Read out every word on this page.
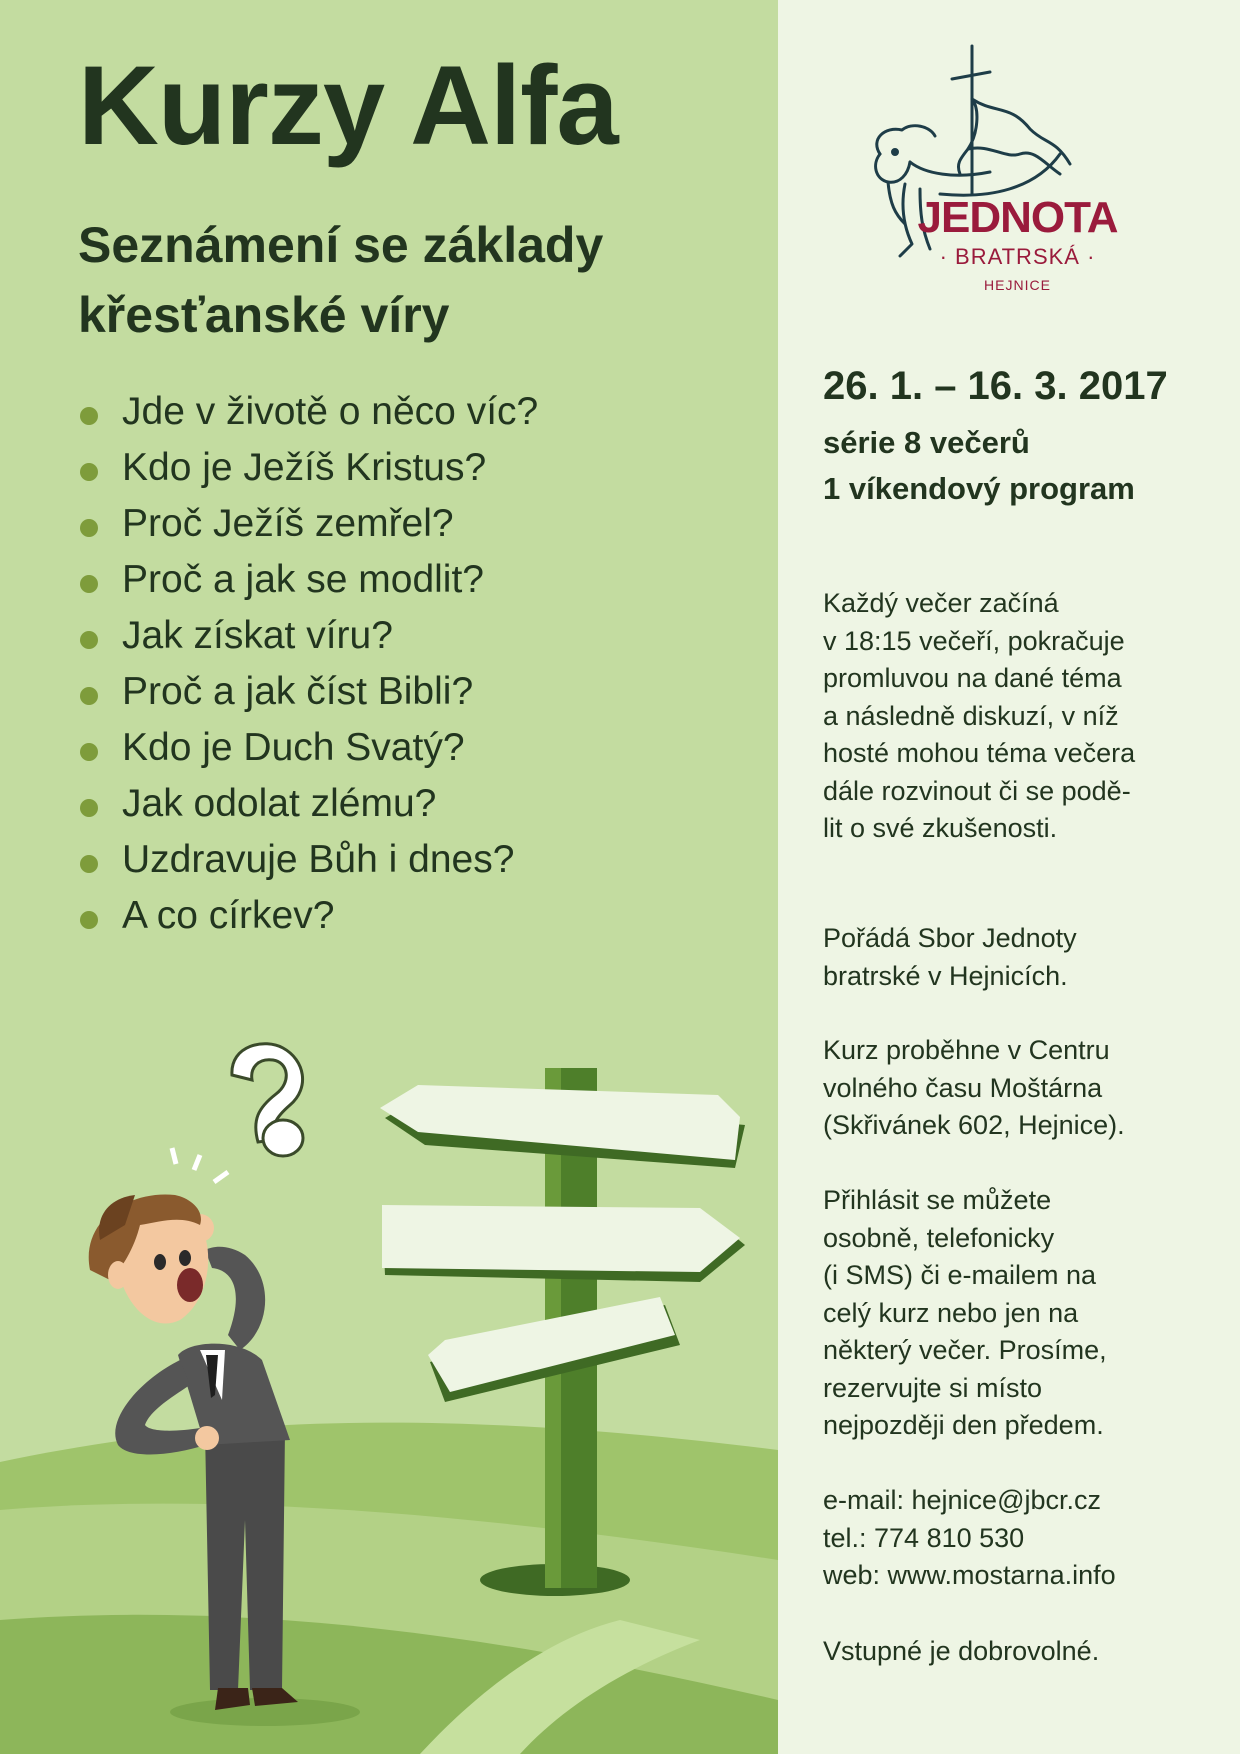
Kurzy Alfa
Seznámení se základy
křesťanské víry
Jde v životě o něco víc?
Kdo je Ježíš Kristus?
Proč Ježíš zemřel?
Proč a jak se modlit?
Jak získat víru?
Proč a jak číst Bibli?
Kdo je Duch Svatý?
Jak odolat zlému?
Uzdravuje Bůh i dnes?
A co církev?
JEDNOTA
· BRATRSKÁ ·
HEJNICE
26. 1. – 16. 3. 2017

série 8 večerů
1 víkendový program

Každý večer začíná
v 18:15 večeří, pokračuje
promluvou na dané téma
a následně diskuzí, v níž
hosté mohou téma večera
dále rozvinout či se podě-
lit o své zkušenosti.

Pořádá Sbor Jednoty
bratrské v Hejnicích.

Kurz proběhne v Centru
volného času Moštárna
(Skřivánek 602, Hejnice).

Přihlásit se můžete
osobně, telefonicky
(i SMS) či e-mailem na
celý kurz nebo jen na
některý večer. Prosíme,
rezervujte si místo
nejpozději den předem.

e-mail: hejnice@jbcr.cz
tel.: 774 810 530
web: www.mostarna.info

Vstupné je dobrovolné.
